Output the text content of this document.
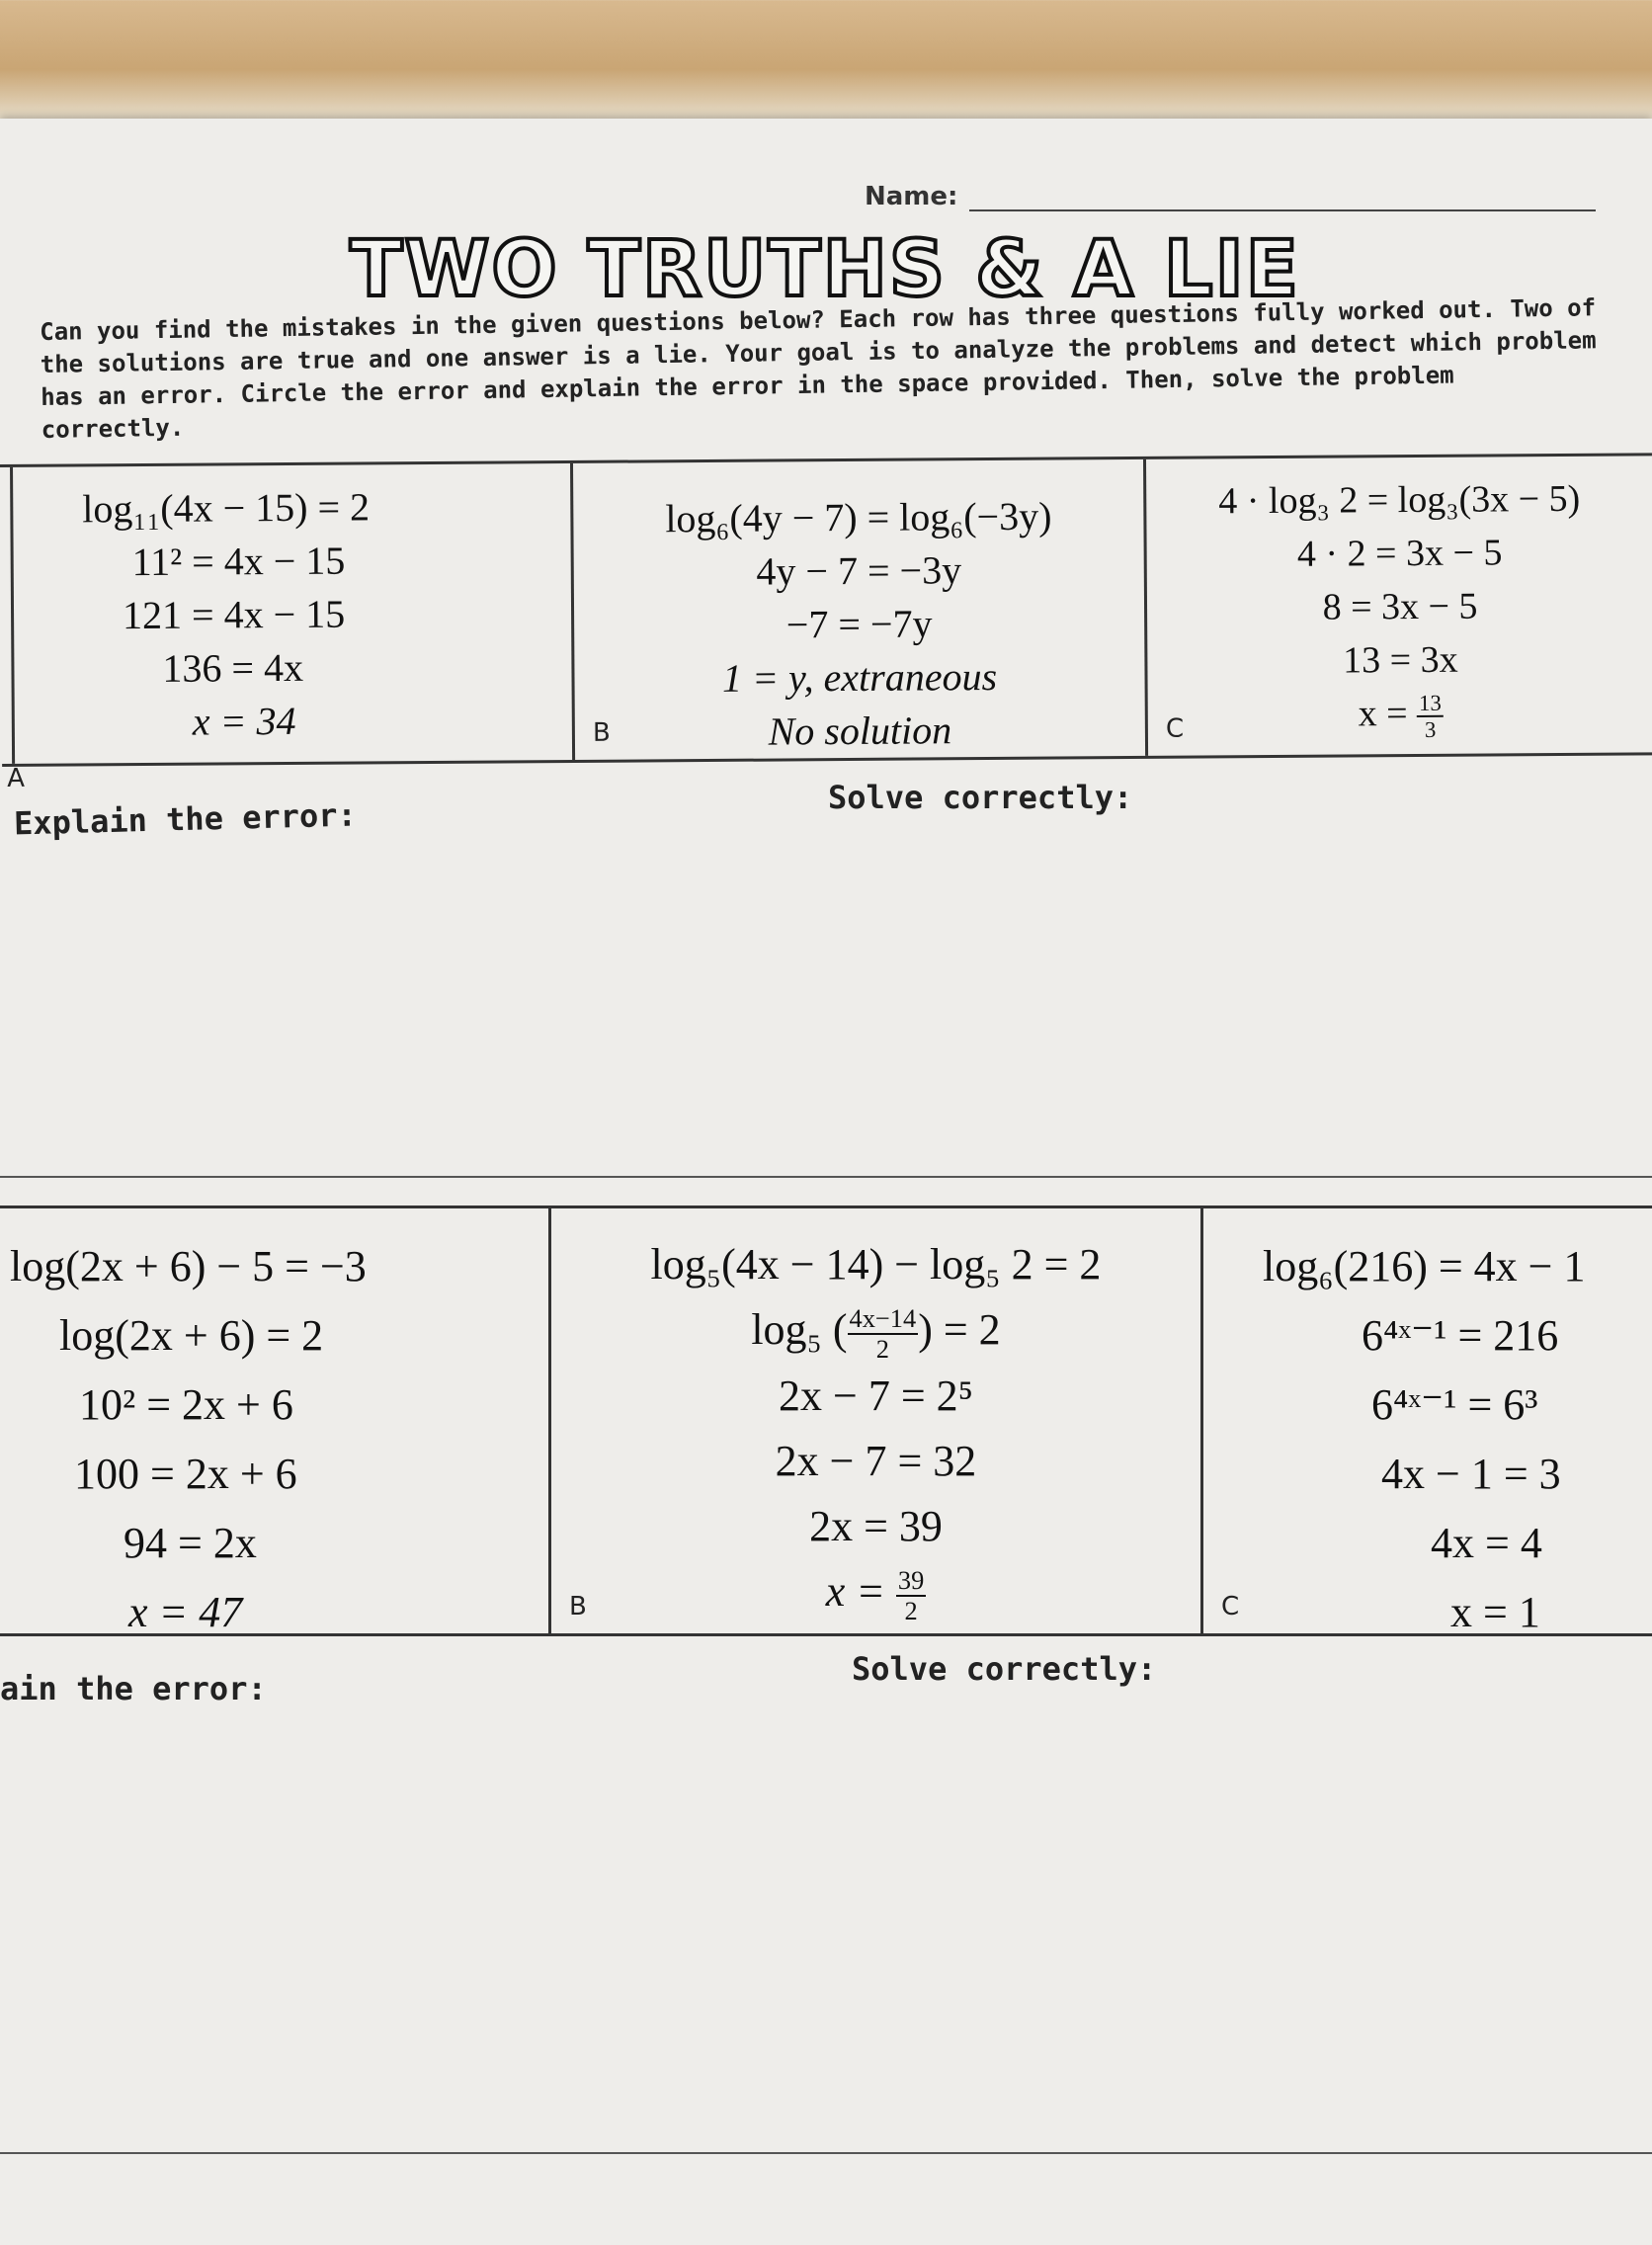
Name:
TWO TRUTHS & A LIE
Can you find the mistakes in the given questions below? Each row has three questions fully worked out. Two of the solutions are true and one answer is a lie. Your goal is to analyze the problems and detect which problem has an error. Circle the error and explain the error in the space provided. Then, solve the problem correctly.
log₁₁(4x − 15) = 2
11² = 4x − 15
121 = 4x − 15
136 = 4x
x = 34
A
log₆(4y − 7) = log₆(−3y)
4y − 7 = −3y
−7 = −7y
1 = y, extraneous
No solution
B
4 · log₃ 2 = log₃(3x − 5)
4 · 2 = 3x − 5
8 = 3x − 5
13 = 3x
$x = \frac{13}{3}$
C
Explain the error:	Solve correctly:
log(2x + 6) − 5 = −3
log(2x + 6) = 2
10² = 2x + 6
100 = 2x + 6
94 = 2x
x = 47
log₅(4x − 14) − log₅ 2 = 2
log₅ ( $\frac{4x-14}{2}$ ) = 2
2x − 7 = 2⁵
2x − 7 = 32
2x = 39
$x = \frac{39}{2}$
B
log₆(216) = 4x − 1
6⁴ˣ⁻¹ = 216
6⁴ˣ⁻¹ = 6³
4x − 1 = 3
4x = 4
x = 1
C
ain the error:
Solve correctly:
